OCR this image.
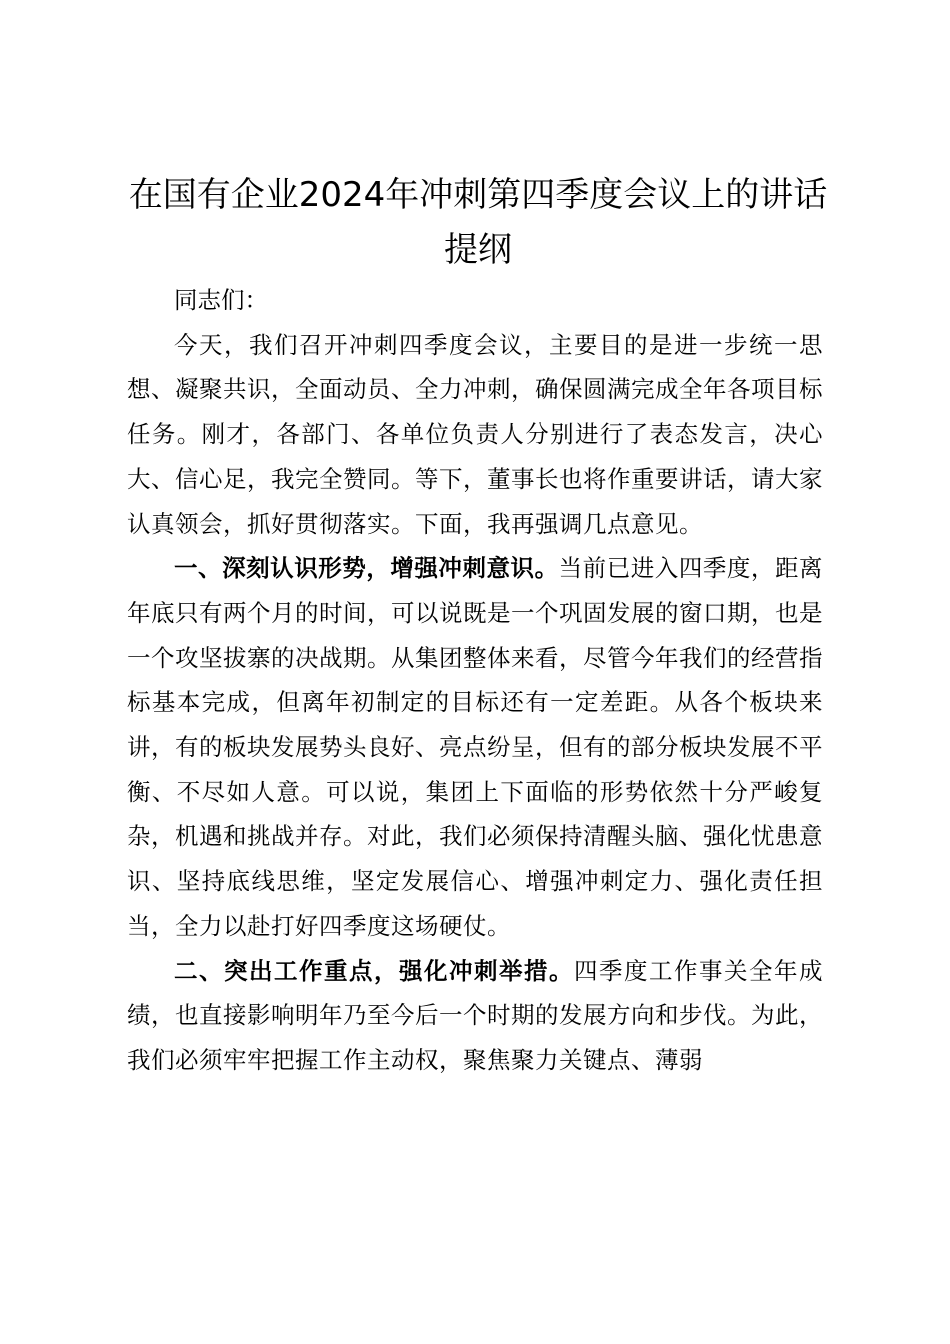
在国有企业2024年冲刺第四季度会议上的讲话提纲

同志们：

今天，我们召开冲刺四季度会议，主要目的是进一步统一思想、凝聚共识，全面动员、全力冲刺，确保圆满完成全年各项目标任务。刚才，各部门、各单位负责人分别进行了表态发言，决心大、信心足，我完全赞同。等下，董事长也将作重要讲话，请大家认真领会，抓好贯彻落实。下面，我再强调几点意见。

一、深刻认识形势，增强冲刺意识。当前已进入四季度，距离年底只有两个月的时间，可以说既是一个巩固发展的窗口期，也是一个攻坚拔寨的决战期。从集团整体来看，尽管今年我们的经营指标基本完成，但离年初制定的目标还有一定差距。从各个板块来讲，有的板块发展势头良好、亮点纷呈，但有的部分板块发展不平衡、不尽如人意。可以说，集团上下面临的形势依然十分严峻复杂，机遇和挑战并存。对此，我们必须保持清醒头脑、强化忧患意识、坚持底线思维，坚定发展信心、增强冲刺定力、强化责任担当，全力以赴打好四季度这场硬仗。

二、突出工作重点，强化冲刺举措。四季度工作事关全年成绩，也直接影响明年乃至今后一个时期的发展方向和步伐。为此，我们必须牢牢把握工作主动权，聚焦聚力关键点、薄弱
